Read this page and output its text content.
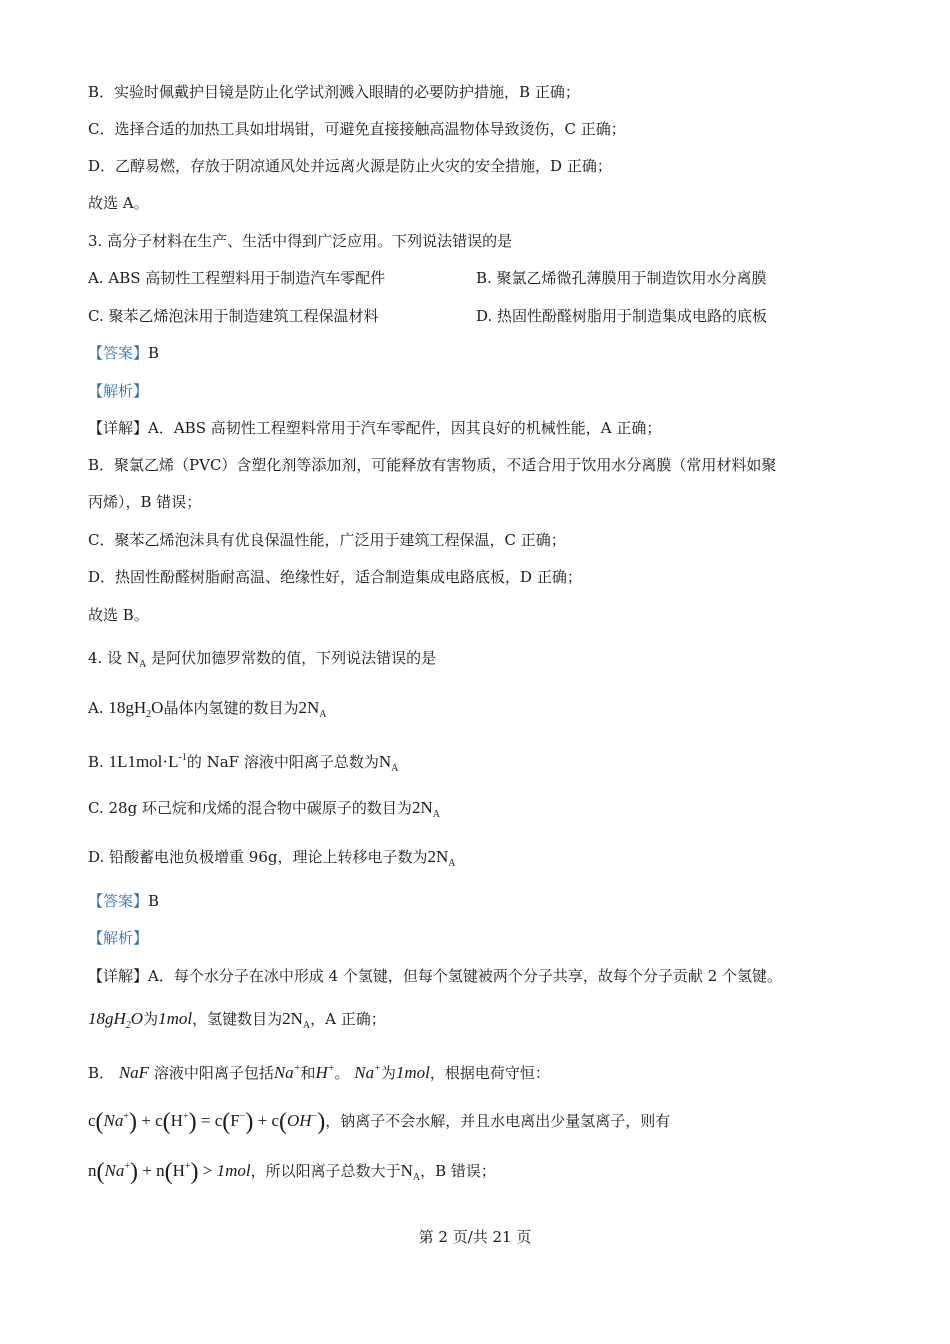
B．实验时佩戴护目镜是防止化学试剂溅入眼睛的必要防护措施，B 正确；
C．选择合适的加热工具如坩埚钳，可避免直接接触高温物体导致烫伤，C 正确；
D．乙醇易燃，存放于阴凉通风处并远离火源是防止火灾的安全措施，D 正确；
故选 A。
3. 高分子材料在生产、生活中得到广泛应用。下列说法错误的是
A. ABS 高韧性工程塑料用于制造汽车零配件	B. 聚氯乙烯微孔薄膜用于制造饮用水分离膜
C. 聚苯乙烯泡沫用于制造建筑工程保温材料	D. 热固性酚醛树脂用于制造集成电路的底板
【答案】B
【解析】
【详解】A．ABS 高韧性工程塑料常用于汽车零配件，因其良好的机械性能，A 正确；
B．聚氯乙烯（PVC）含塑化剂等添加剂，可能释放有害物质，不适合用于饮用水分离膜（常用材料如聚
丙烯），B 错误；
C．聚苯乙烯泡沫具有优良保温性能，广泛用于建筑工程保温，C 正确；
D．热固性酚醛树脂耐高温、绝缘性好，适合制造集成电路底板，D 正确；
故选 B。
4. 设 $N_A$ 是阿伏加德罗常数的值，下列说法错误的是
A. $18gH_2O$晶体内氢键的数目为$2N_A$
B. $1L1mol\cdot L^{-1}$的 NaF 溶液中阳离子总数为$N_A$
C. 28g 环己烷和戊烯的混合物中碳原子的数目为$2N_A$
D. 铅酸蓄电池负极增重 96g，理论上转移电子数为$2N_A$
【答案】B
【解析】
【详解】A．每个水分子在冰中形成 4 个氢键，但每个氢键被两个分子共享，故每个分子贡献 2 个氢键。
$18gH_2O$为1mol，氢键数目为$2N_A$，A 正确；
B． NaF 溶液中阳离子包括Na+和H+。 Na+为1mol，根据电荷守恒：
c(Na+) + c(H+) = c(F−) + c(OH−)，钠离子不会水解，并且水电离出少量氢离子，则有
n(Na+) + n(H+) > 1mol，所以阳离子总数大于$N_A$，B 错误；
第 2 页/共 21 页
